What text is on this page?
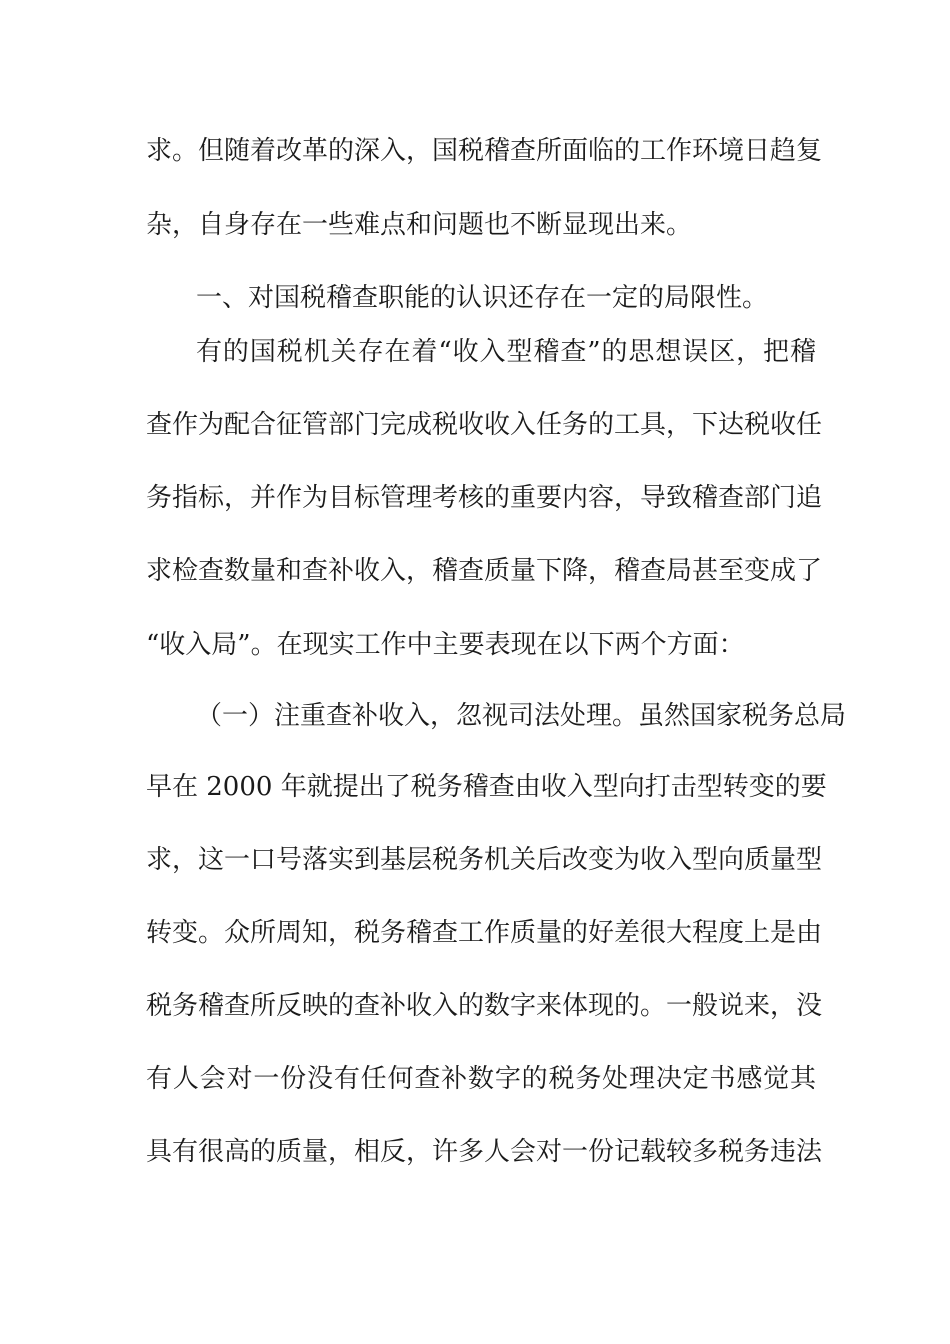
求。但随着改革的深入，国税稽查所面临的工作环境日趋复
杂，自身存在一些难点和问题也不断显现出来。
一、对国税稽查职能的认识还存在一定的局限性。
有的国税机关存在着“收入型稽查”的思想误区，把稽
查作为配合征管部门完成税收收入任务的工具，下达税收任
务指标，并作为目标管理考核的重要内容，导致稽查部门追
求检查数量和查补收入，稽查质量下降，稽查局甚至变成了
“收入局”。在现实工作中主要表现在以下两个方面：
（一）注重查补收入，忽视司法处理。虽然国家税务总局
早在 2000 年就提出了税务稽查由收入型向打击型转变的要
求，这一口号落实到基层税务机关后改变为收入型向质量型
转变。众所周知，税务稽查工作质量的好差很大程度上是由
税务稽查所反映的查补收入的数字来体现的。一般说来，没
有人会对一份没有任何查补数字的税务处理决定书感觉其
具有很高的质量，相反，许多人会对一份记载较多税务违法
